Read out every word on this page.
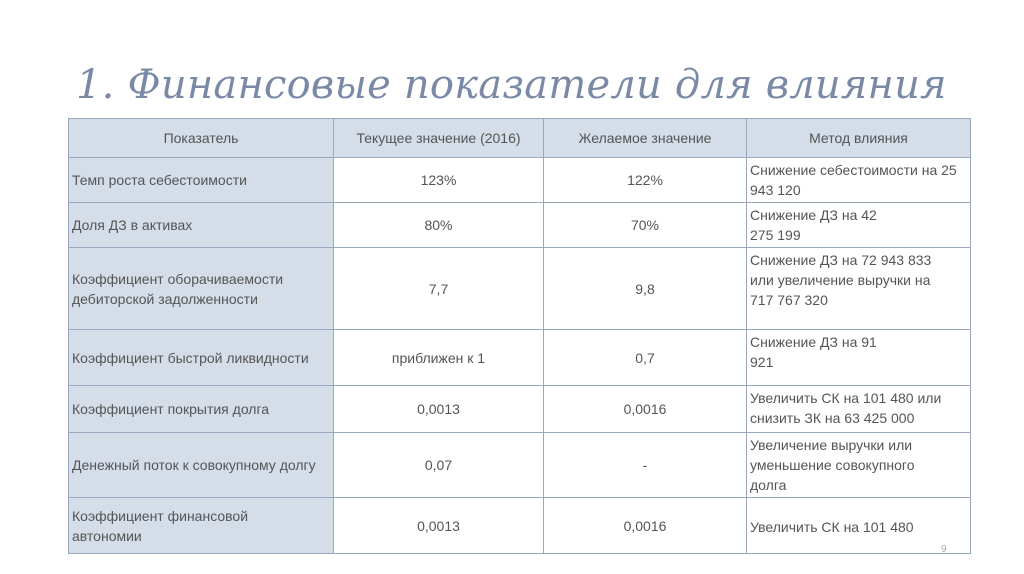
1. Финансовые показатели для влияния
Показатель	Текущее значение (2016)	Желаемое значение	Метод влияния
Темп роста себестоимости	123%	122%	Снижение себестоимости на 25 943 120
Доля ДЗ в активах	80%	70%	Снижение ДЗ на 42 275 199
Коэффициент оборачиваемости дебиторской задолженности	7,7	9,8	Снижение ДЗ на 72 943 833 или увеличение выручки на 717 767 320
Коэффициент быстрой ликвидности	приближен к 1	0,7	Снижение ДЗ на 91 921
Коэффициент покрытия долга	0,0013	0,0016	Увеличить СК на 101 480 или снизить ЗК на 63 425 000
Денежный поток к совокупному долгу	0,07	-	Увеличение выручки или уменьшение совокупного долга
Коэффициент финансовой автономии	0,0013	0,0016	Увеличить СК на 101 480
9
